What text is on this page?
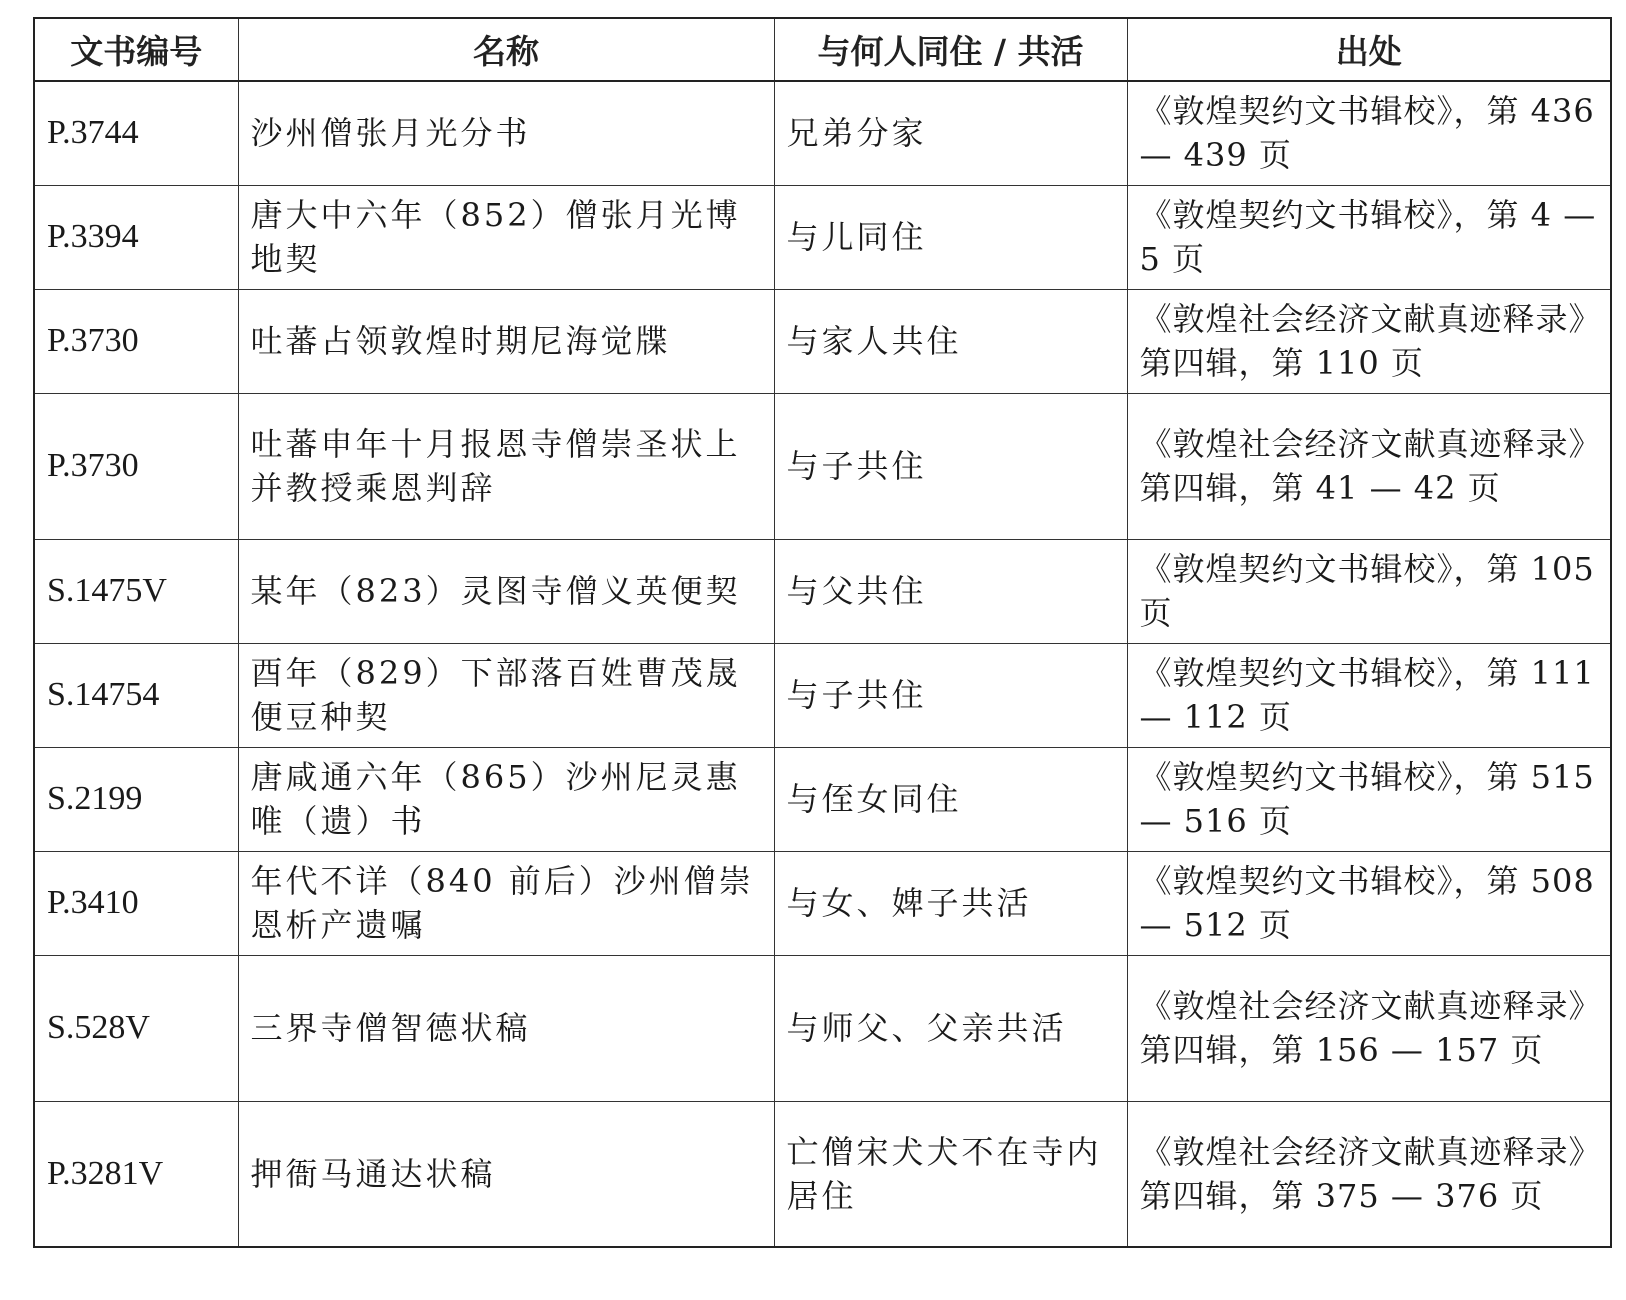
文书编号	名称	与何人同住 / 共活	出处
P.3744	沙州僧张月光分书	兄弟分家	《敦煌契约文书辑校》，第 436 — 439 页
P.3394	唐大中六年（852）僧张月光博地契	与儿同住	《敦煌契约文书辑校》，第 4 — 5 页
P.3730	吐蕃占领敦煌时期尼海觉牒	与家人共住	《敦煌社会经济文献真迹释录》第四辑，第 110 页
P.3730	吐蕃申年十月报恩寺僧崇圣状上并教授乘恩判辞	与子共住	《敦煌社会经济文献真迹释录》第四辑，第 41 — 42 页
S.1475V	某年（823）灵图寺僧义英便契	与父共住	《敦煌契约文书辑校》，第 105 页
S.14754	酉年（829）下部落百姓曹茂晟便豆种契	与子共住	《敦煌契约文书辑校》，第 111 — 112 页
S.2199	唐咸通六年（865）沙州尼灵惠唯（遗）书	与侄女同住	《敦煌契约文书辑校》，第 515 — 516 页
P.3410	年代不详（840 前后）沙州僧崇恩析产遗嘱	与女、婢子共活	《敦煌契约文书辑校》，第 508 — 512 页
S.528V	三界寺僧智德状稿	与师父、父亲共活	《敦煌社会经济文献真迹释录》第四辑，第 156 — 157 页
P.3281V	押衙马通达状稿	亡僧宋犬犬不在寺内居住	《敦煌社会经济文献真迹释录》第四辑，第 375 — 376 页
